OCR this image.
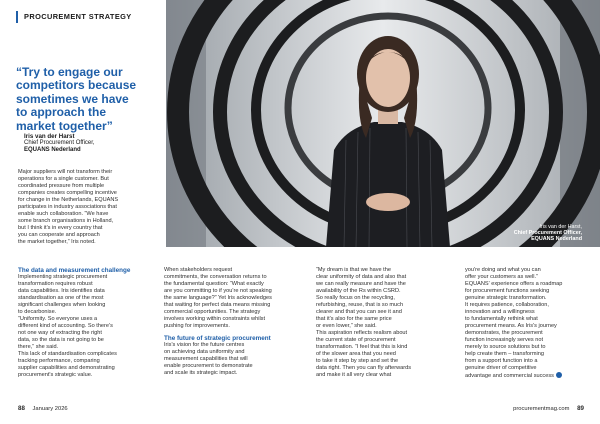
PROCUREMENT STRATEGY
“Try to engage our
competitors because
sometimes we have
to approach the
market together”
Iris van der Harst
Chief Procurement Officer,
EQUANS Nederland
Major suppliers will not transform their
operations for a single customer. But
coordinated pressure from multiple
companies creates compelling incentive
for change in the Netherlands, EQUANS
participates in industry associations that
enable such collaboration. “We have
some branch organisations in Holland,
but I think it's in every country that
you can cooperate and approach
the market together,” Iris noted.
Iris van der Harst,
Chief Procurement Officer,
EQUANS Nederland
The data and measurement challenge
Implementing strategic procurement
transformation requires robust
data capabilities. Iris identifies data
standardisation as one of the most
significant challenges when looking
to decarbonise.
“Uniformity. So everyone uses a
different kind of accounting. So there's
not one way of extracting the right
data, so the data is not going to be
there,” she said.
This lack of standardisation complicates
tracking performance, comparing
supplier capabilities and demonstrating
procurement's strategic value.
When stakeholders request
commitments, the conversation returns to
the fundamental question: “What exactly
are you committing to if you're not speaking
the same language?” Yet Iris acknowledges
that waiting for perfect data means missing
commercial opportunities. The strategy
involves working within constraints whilst
pushing for improvements.
The future of strategic procurement
Iris's vision for the future centres
on achieving data uniformity and
measurement capabilities that will
enable procurement to demonstrate
and scale its strategic impact.
“My dream is that we have the
clear uniformity of data and also that
we can really measure and have the
availability of the Rs within CSRD.
So really focus on the recycling,
refurbishing, reuse, that is so much
clearer and that you can see it and
that it's also for the same price
or even lower,” she said.
This aspiration reflects realism about
the current state of procurement
transformation. “I feel that this is kind
of the slower area that you need
to take it step by step and set the
data right. Then you can fly afterwards
and make it all very clear what
you're doing and what you can
offer your customers as well.”
EQUANS' experience offers a roadmap
for procurement functions seeking
genuine strategic transformation.
It requires patience, collaboration,
innovation and a willingness
to fundamentally rethink what
procurement means. As Iris's journey
demonstrates, the procurement
function increasingly serves not
merely to source solutions but to
help create them – transforming
from a support function into a
genuine driver of competitive
advantage and commercial success
88 January 2026	procurementmag.com 89
